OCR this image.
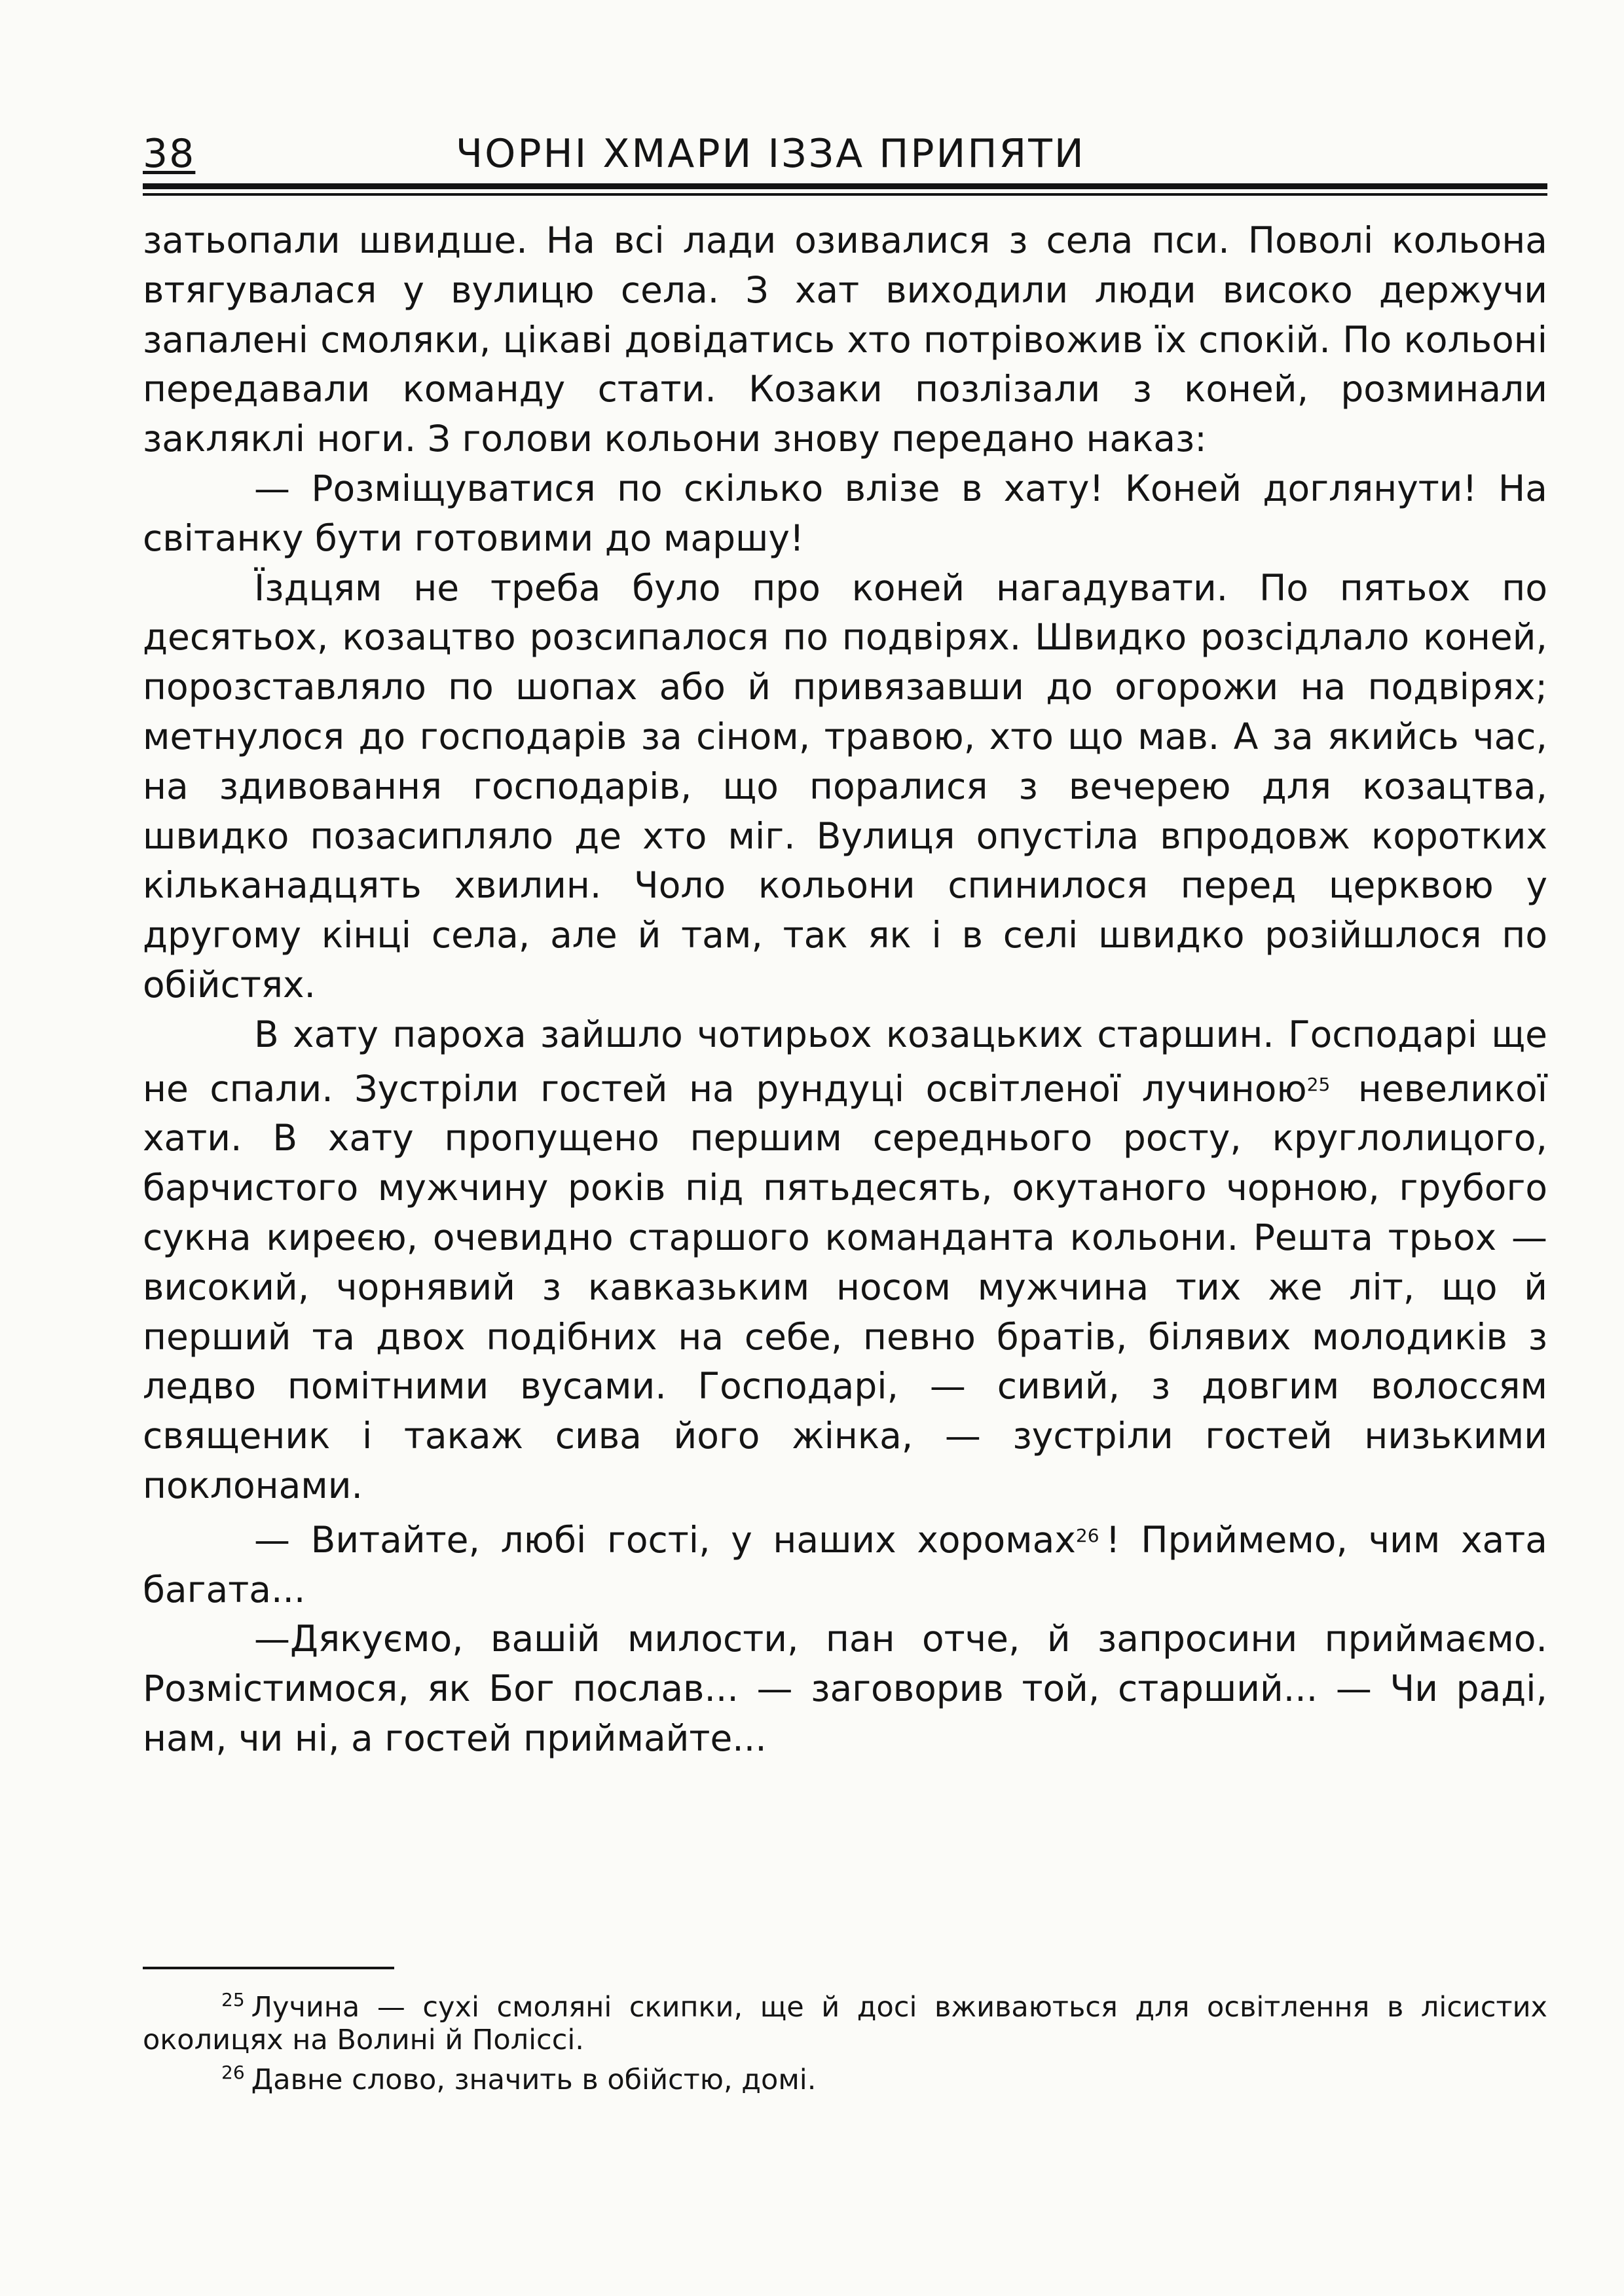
38	ЧОРНІ ХМАРИ ІЗЗА ПРИПЯТИ

затьопали швидше. На всі лади озивалися з села пси. Поволі кольона втягувалася у вулицю села. З хат виходили люди високо держучи запалені смоляки, цікаві довідатись хто потрівожив їх спокій. По кольоні передавали команду стати. Козаки позлізали з коней, розминали закляклі ноги. З голови кольони знову передано наказ:

— Розміщуватися по скілько влізе в хату! Коней доглянути! На світанку бути готовими до маршу!

Їздцям не треба було про коней нагадувати. По пятьох по десятьох, козацтво розсипалося по подвірях. Швидко розсідлало коней, порозставляло по шопах або й привязавши до огорожи на подвірях; метнулося до господарів за сіном, травою, хто що мав. А за якийсь час, на здивовання господарів, що поралися з вечерею для козацтва, швидко позасипляло де хто міг. Вулиця опустіла впродовж коротких кільканадцять хвилин. Чоло кольони спинилося перед церквою у другому кінці села, але й там, так як і в селі швидко розійшлося по обійстях.

В хату пароха зайшло чотирьох козацьких старшин. Господарі ще не спали. Зустріли гостей на рундуці освітленої лучиною$^{25}$ невеликої хати. В хату пропущено першим середнього росту, круглолицого, барчистого мужчину років під пятьдесять, окутаного чорною, грубого сукна киреєю, очевидно старшого команданта кольони. Решта трьох — високий, чорнявий з кавказьким носом мужчина тих же літ, що й перший та двох подібних на себе, певно братів, білявих молодиків з ледво помітними вусами. Господарі, — сивий, з довгим волоссям священик і такаж сива його жінка, — зустріли гостей низькими поклонами.

— Витайте, любі гості, у наших хоромах$^{26}$ ! Приймемо, чим хата багата...

—Дякуємо, вашій милости, пан отче, й запросини приймаємо. Розмістимося, як Бог послав... — заговорив той, старший... — Чи раді, нам, чи ні, а гостей приймайте...

$^{25}$ Лучина — сухі смоляні скипки, ще й досі вживаються для освітлення в лісистих околицях на Волині й Поліссі.

$^{26}$ Давне слово, значить в обійстю, домі.
